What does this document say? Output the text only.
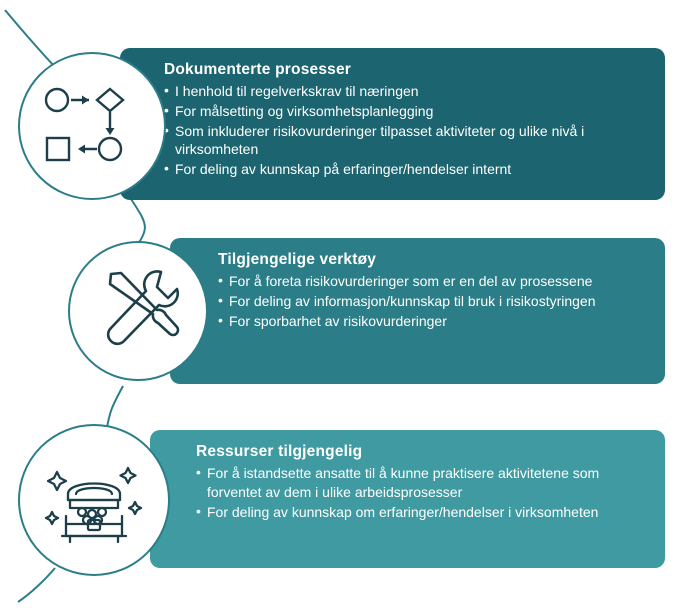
Dokumenterte prosesser
• I henhold til regelverkskrav til næringen
• For målsetting og virksomhetsplanlegging
• Som inkluderer risikovurderinger tilpasset aktiviteter og ulike nivå i virksomheten
• For deling av kunnskap på erfaringer/hendelser internt
Tilgjengelige verktøy
• For å foreta risikovurderinger som er en del av prosessene
• For deling av informasjon/kunnskap til bruk i risikostyringen
• For sporbarhet av risikovurderinger
Ressurser tilgjengelig
• For å istandsette ansatte til å kunne praktisere aktivitetene som forventet av dem i ulike arbeidsprosesser
• For deling av kunnskap om erfaringer/hendelser i virksomheten
